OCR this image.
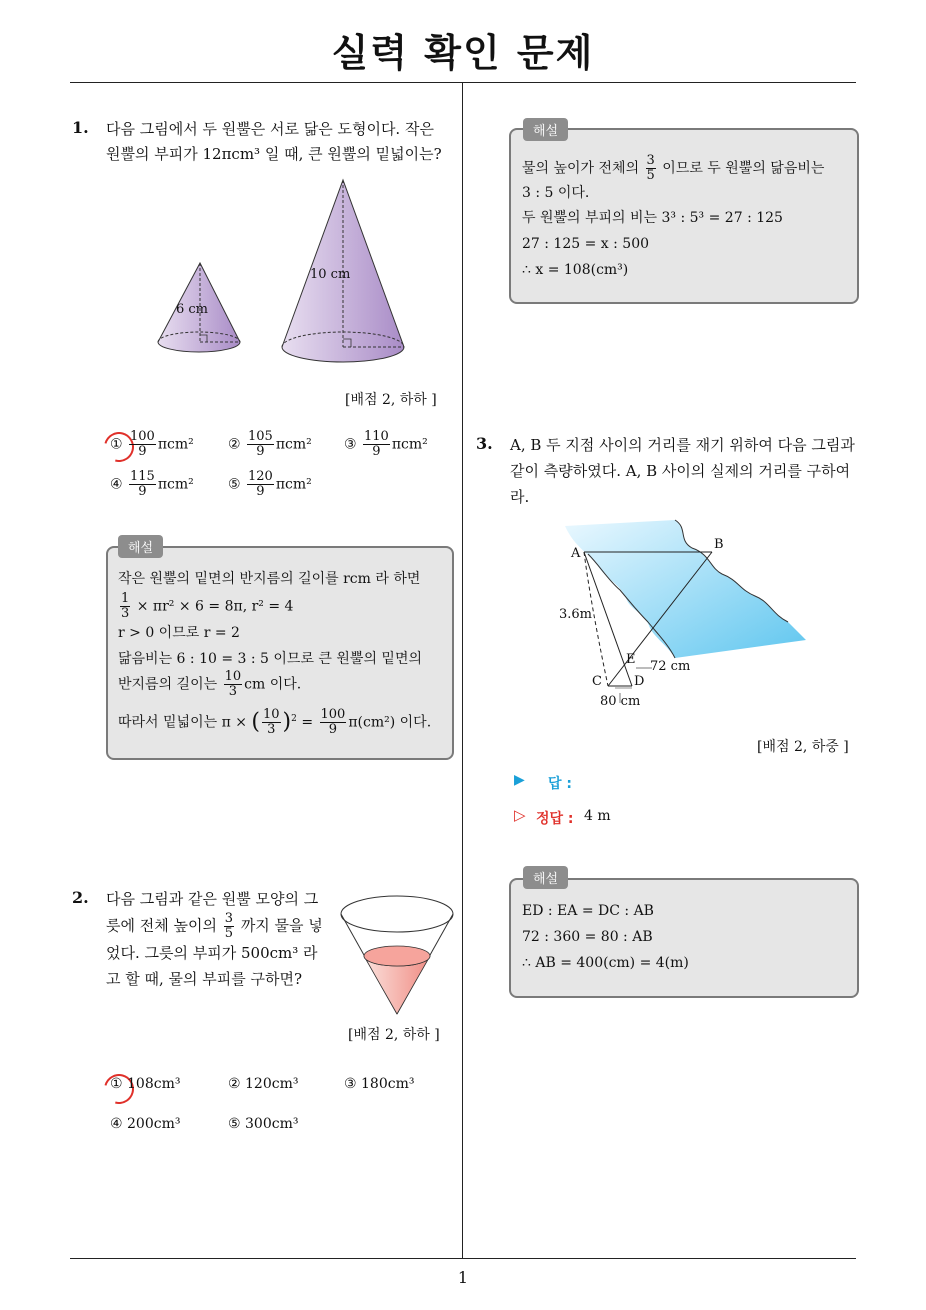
실력 확인 문제
1
1. 다음 그림에서 두 원뿔은 서로 닮은 도형이다. 작은
원뿔의 부피가 12πcm³ 일 때, 큰 원뿔의 밑넓이는?
6 cm
10 cm
[배점 2, 하하 ]
① $\frac{100}{9} \pi cm^2$ ② $\frac{105}{9} \pi cm^2$ ③ $\frac{110}{9} \pi cm^2$
④ $\frac{115}{9} \pi cm^2$ ⑤ $\frac{120}{9} \pi cm^2$
해설
작은 원뿔의 밑면의 반지름의 길이를 rcm 라 하면
$\frac{1}{3} \times \pi r^2 \times 6 = 8\pi$, r² = 4
r > 0 이므로 r = 2
닮음비는 6 : 10 = 3 : 5 이므로 큰 원뿔의 밑면의
반지름의 길이는 $\frac{10}{3}$ cm 이다.
따라서 밑넓이는 π × ( $\frac{10}{3} )^2 = \frac{100}{9} \pi(cm^2)$ 이다.
2. 다음 그림과 같은 원뿔 모양의 그
릇에 전체 높이의 $\frac{3}{5}$ 까지 물을 넣
었다. 그릇의 부피가 500cm³ 라
고 할 때, 물의 부피를 구하면?
[배점 2, 하하 ]
① 108cm³	② 120cm³	③ 180cm³
④ 200cm³	⑤ 300cm³
해설
물의 높이가 전체의 $\frac{3}{5}$ 이므로 두 원뿔의 닮음비는
3 : 5 이다.
두 원뿔의 부피의 비는 3³ : 5³ = 27 : 125
27 : 125 = x : 500
∴ x = 108(cm³)
3. A, B 두 지점 사이의 거리를 재기 위하여 다음 그림과
같이 측량하였다. A, B 사이의 실제의 거리를 구하여
라.
A
B
C D
E
3.6m
72 cm
80 cm
[배점 2, 하중 ]
▶ 답 :
▷ 정답 : 4 m
해설
ED : EA = DC : AB
72 : 360 = 80 : AB
∴ AB = 400(cm) = 4(m)
